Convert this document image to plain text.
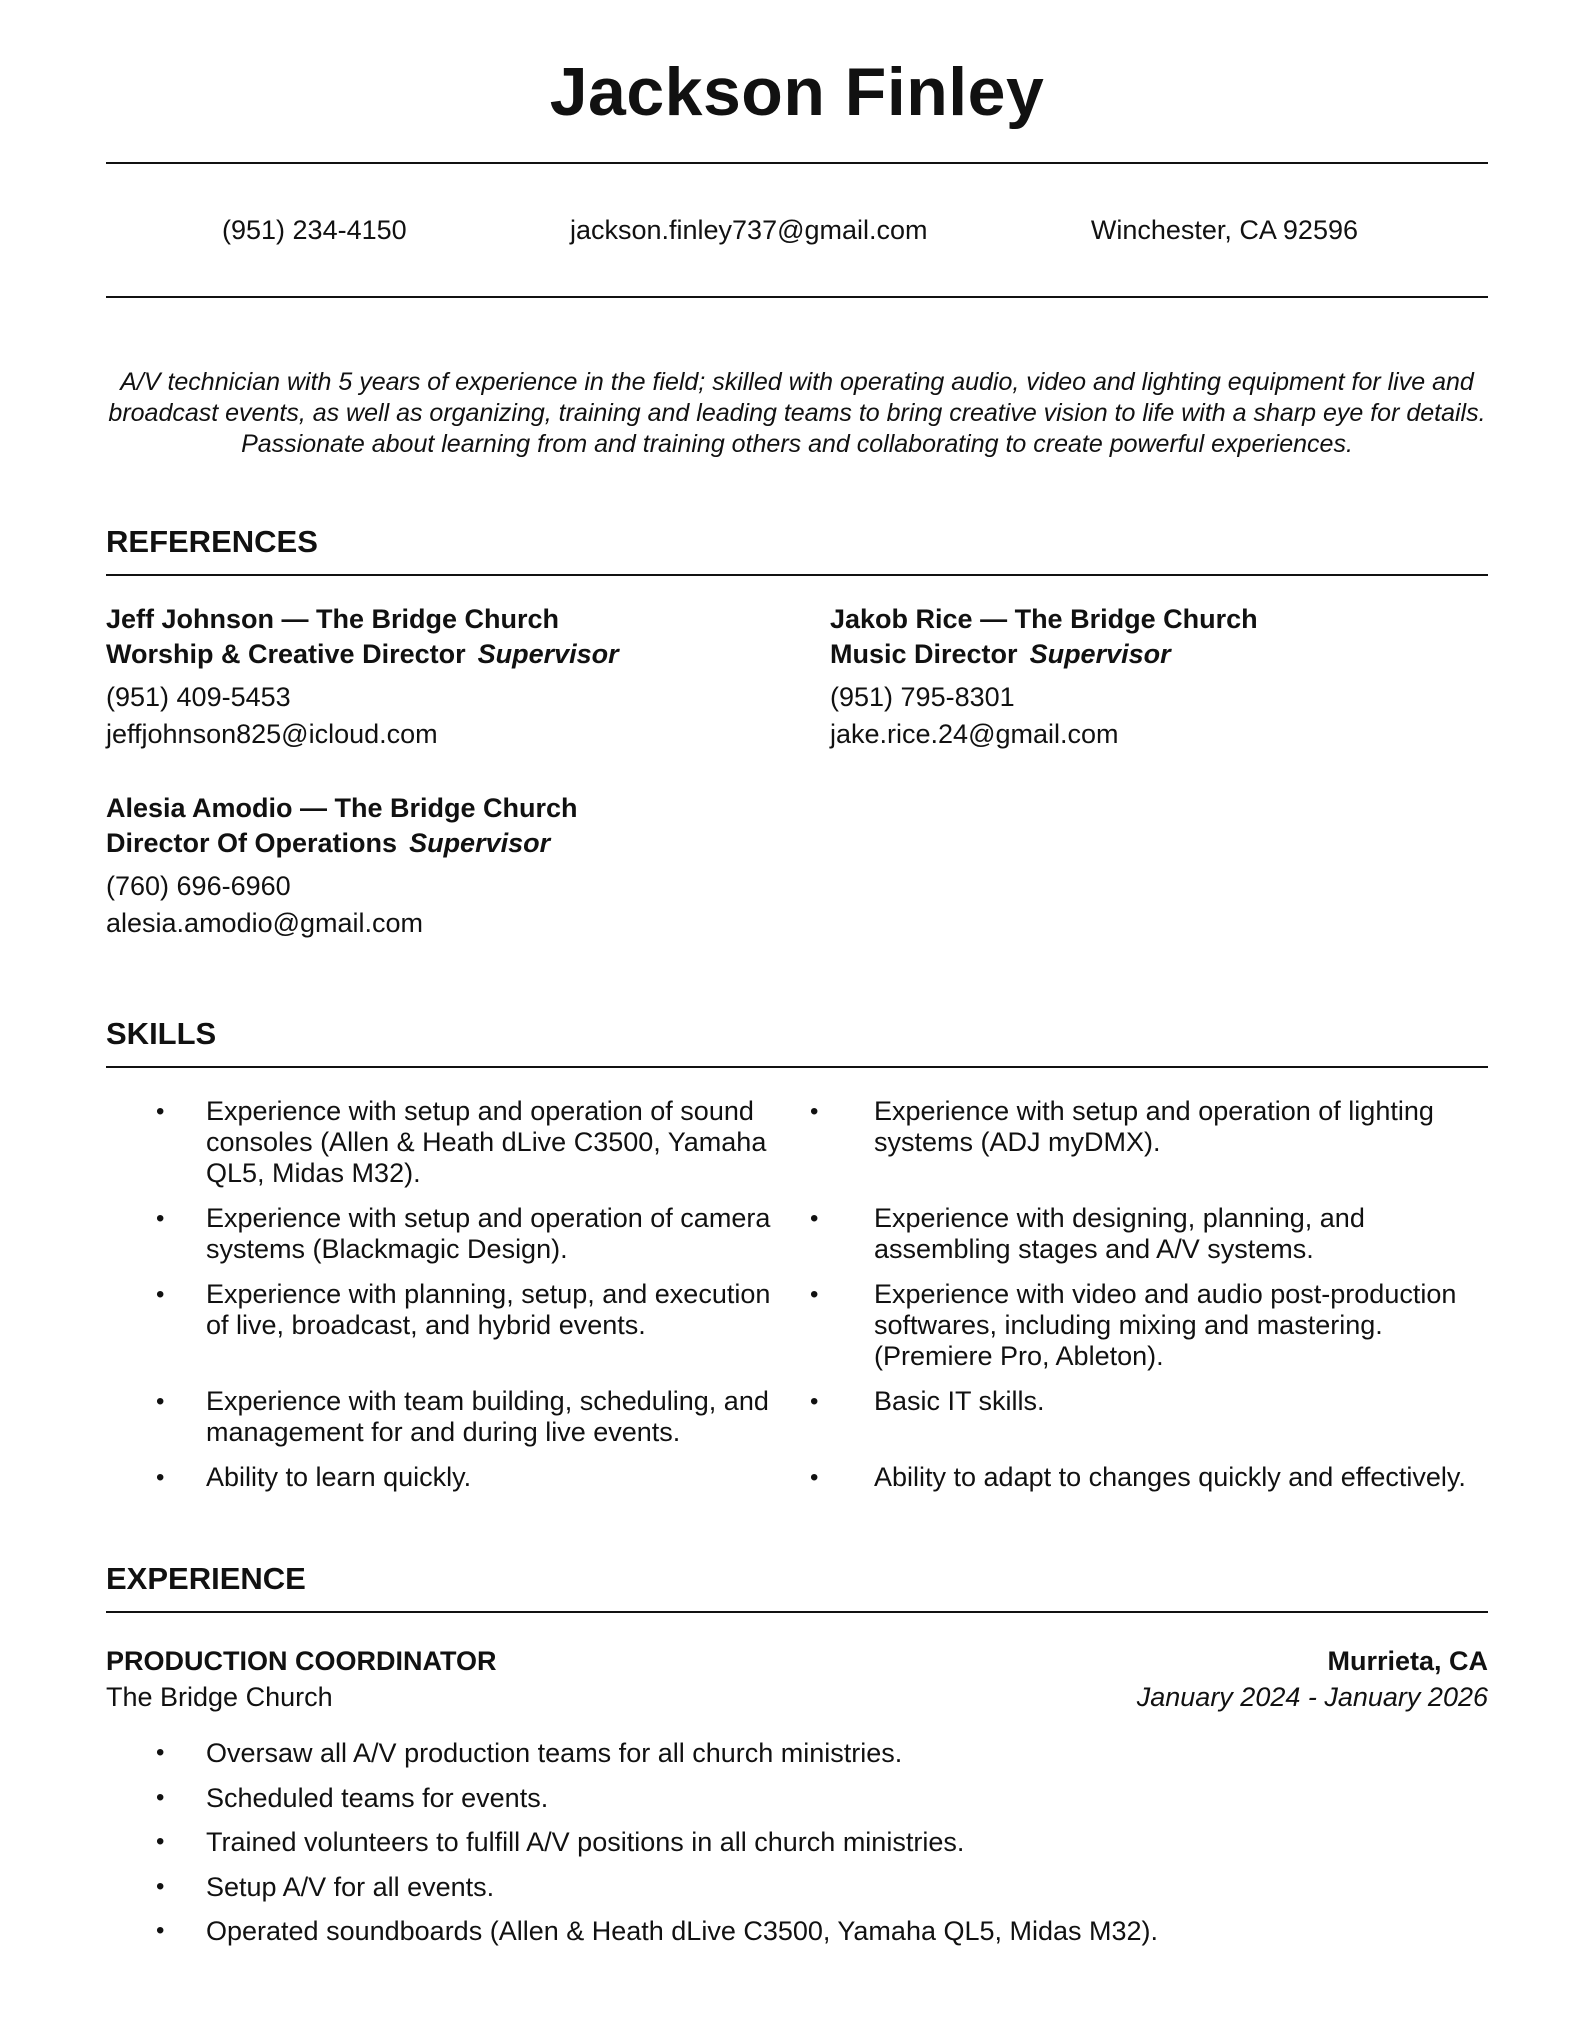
Jackson Finley
(951) 234-4150	jackson.finley737@gmail.com	Winchester, CA 92596

A/V technician with 5 years of experience in the field; skilled with operating audio, video and lighting equipment for live and broadcast events, as well as organizing, training and leading teams to bring creative vision to life with a sharp eye for details. Passionate about learning from and training others and collaborating to create powerful experiences.

REFERENCES
Jeff Johnson — The Bridge Church
Worship & Creative Director Supervisor
(951) 409-5453
jeffjohnson825@icloud.com
Jakob Rice — The Bridge Church
Music Director Supervisor
(951) 795-8301
jake.rice.24@gmail.com
Alesia Amodio — The Bridge Church
Director Of Operations Supervisor
(760) 696-6960
alesia.amodio@gmail.com
SKILLS
• Experience with setup and operation of sound consoles (Allen & Heath dLive C3500, Yamaha QL5, Midas M32).
• Experience with setup and operation of camera systems (Blackmagic Design).
• Experience with planning, setup, and execution of live, broadcast, and hybrid events.
• Experience with team building, scheduling, and management for and during live events.
• Ability to learn quickly.
• Experience with setup and operation of lighting systems (ADJ myDMX).
• Experience with designing, planning, and assembling stages and A/V systems.
• Experience with video and audio post-production softwares, including mixing and mastering. (Premiere Pro, Ableton).
• Basic IT skills.
• Ability to adapt to changes quickly and effectively.
EXPERIENCE
PRODUCTION COORDINATOR	Murrieta, CA
The Bridge Church	January 2024 - January 2026
• Oversaw all A/V production teams for all church ministries.
• Scheduled teams for events.
• Trained volunteers to fulfill A/V positions in all church ministries.
• Setup A/V for all events.
• Operated soundboards (Allen & Heath dLive C3500, Yamaha QL5, Midas M32).
